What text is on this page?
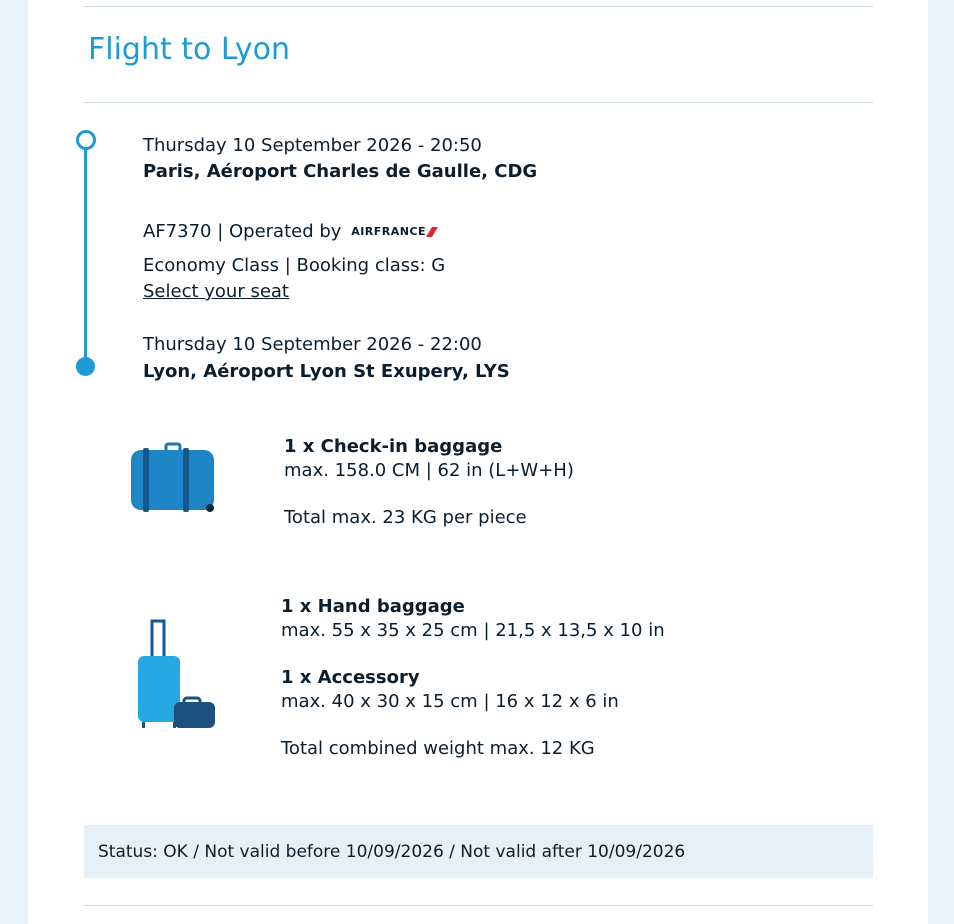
Flight to Lyon
Thursday 10 September 2026 - 20:50
Paris, Aéroport Charles de Gaulle, CDG
AF7370 | Operated by AIRFRANCE
Economy Class | Booking class: G
Select your seat
Thursday 10 September 2026 - 22:00
Lyon, Aéroport Lyon St Exupery, LYS
1 x Check-in baggage
max. 158.0 CM | 62 in (L+W+H)
Total max. 23 KG per piece
1 x Hand baggage
max. 55 x 35 x 25 cm | 21,5 x 13,5 x 10 in
1 x Accessory
max. 40 x 30 x 15 cm | 16 x 12 x 6 in
Total combined weight max. 12 KG
Status: OK / Not valid before 10/09/2026 / Not valid after 10/09/2026
